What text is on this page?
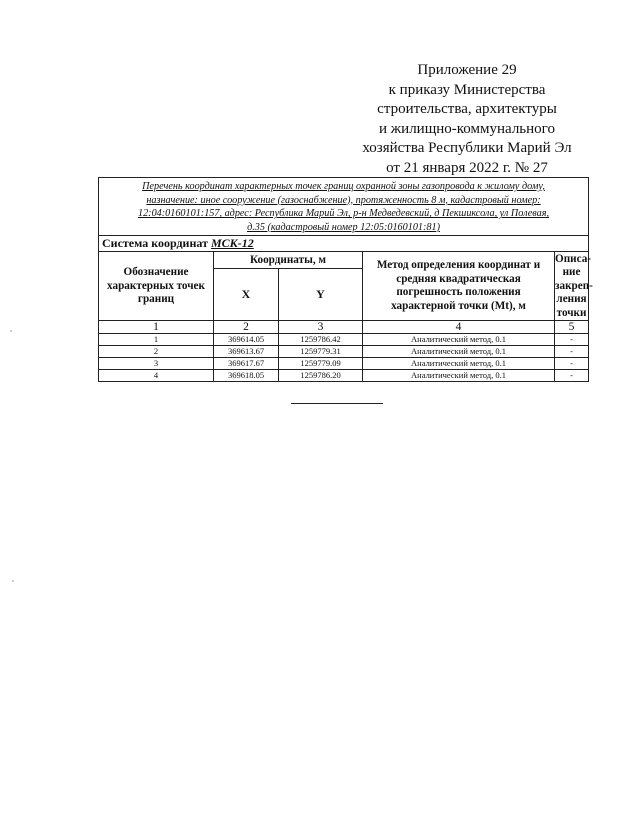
Приложение 29
к приказу Министерства
строительства, архитектуры
и жилищно-коммунального
хозяйства Республики Марий Эл
от 21 января 2022 г. № 27
Перечень координат характерных точек границ охранной зоны газопровода к жилому дому,
назначение: иное сооружение (газоснабжение), протяженность 8 м, кадастровый номер:
12:04:0160101:157, адрес: Республика Марий Эл, р-н Медведевский, д Пекшиксола, ул Полевая,
д.35 (кадастровый номер 12:05:0160101:81)				

Система координат МСК-12				
Обозначение характерных точек границ	Координаты, м		Метод определения координат и средняя квадратическая погрешность положения характерной точки (Mt), м	Описа-
ние
закреп-
ления
точки

	X	Y		
1	2	3	4	5
1	369614.05	1259786.42	Аналитический метод, 0.1	-
2	369613.67	1259779.31	Аналитический метод, 0.1	-
3	369617.67	1259779.09	Аналитический метод, 0.1	-
4	369618.05	1259786.20	Аналитический метод, 0.1	-
